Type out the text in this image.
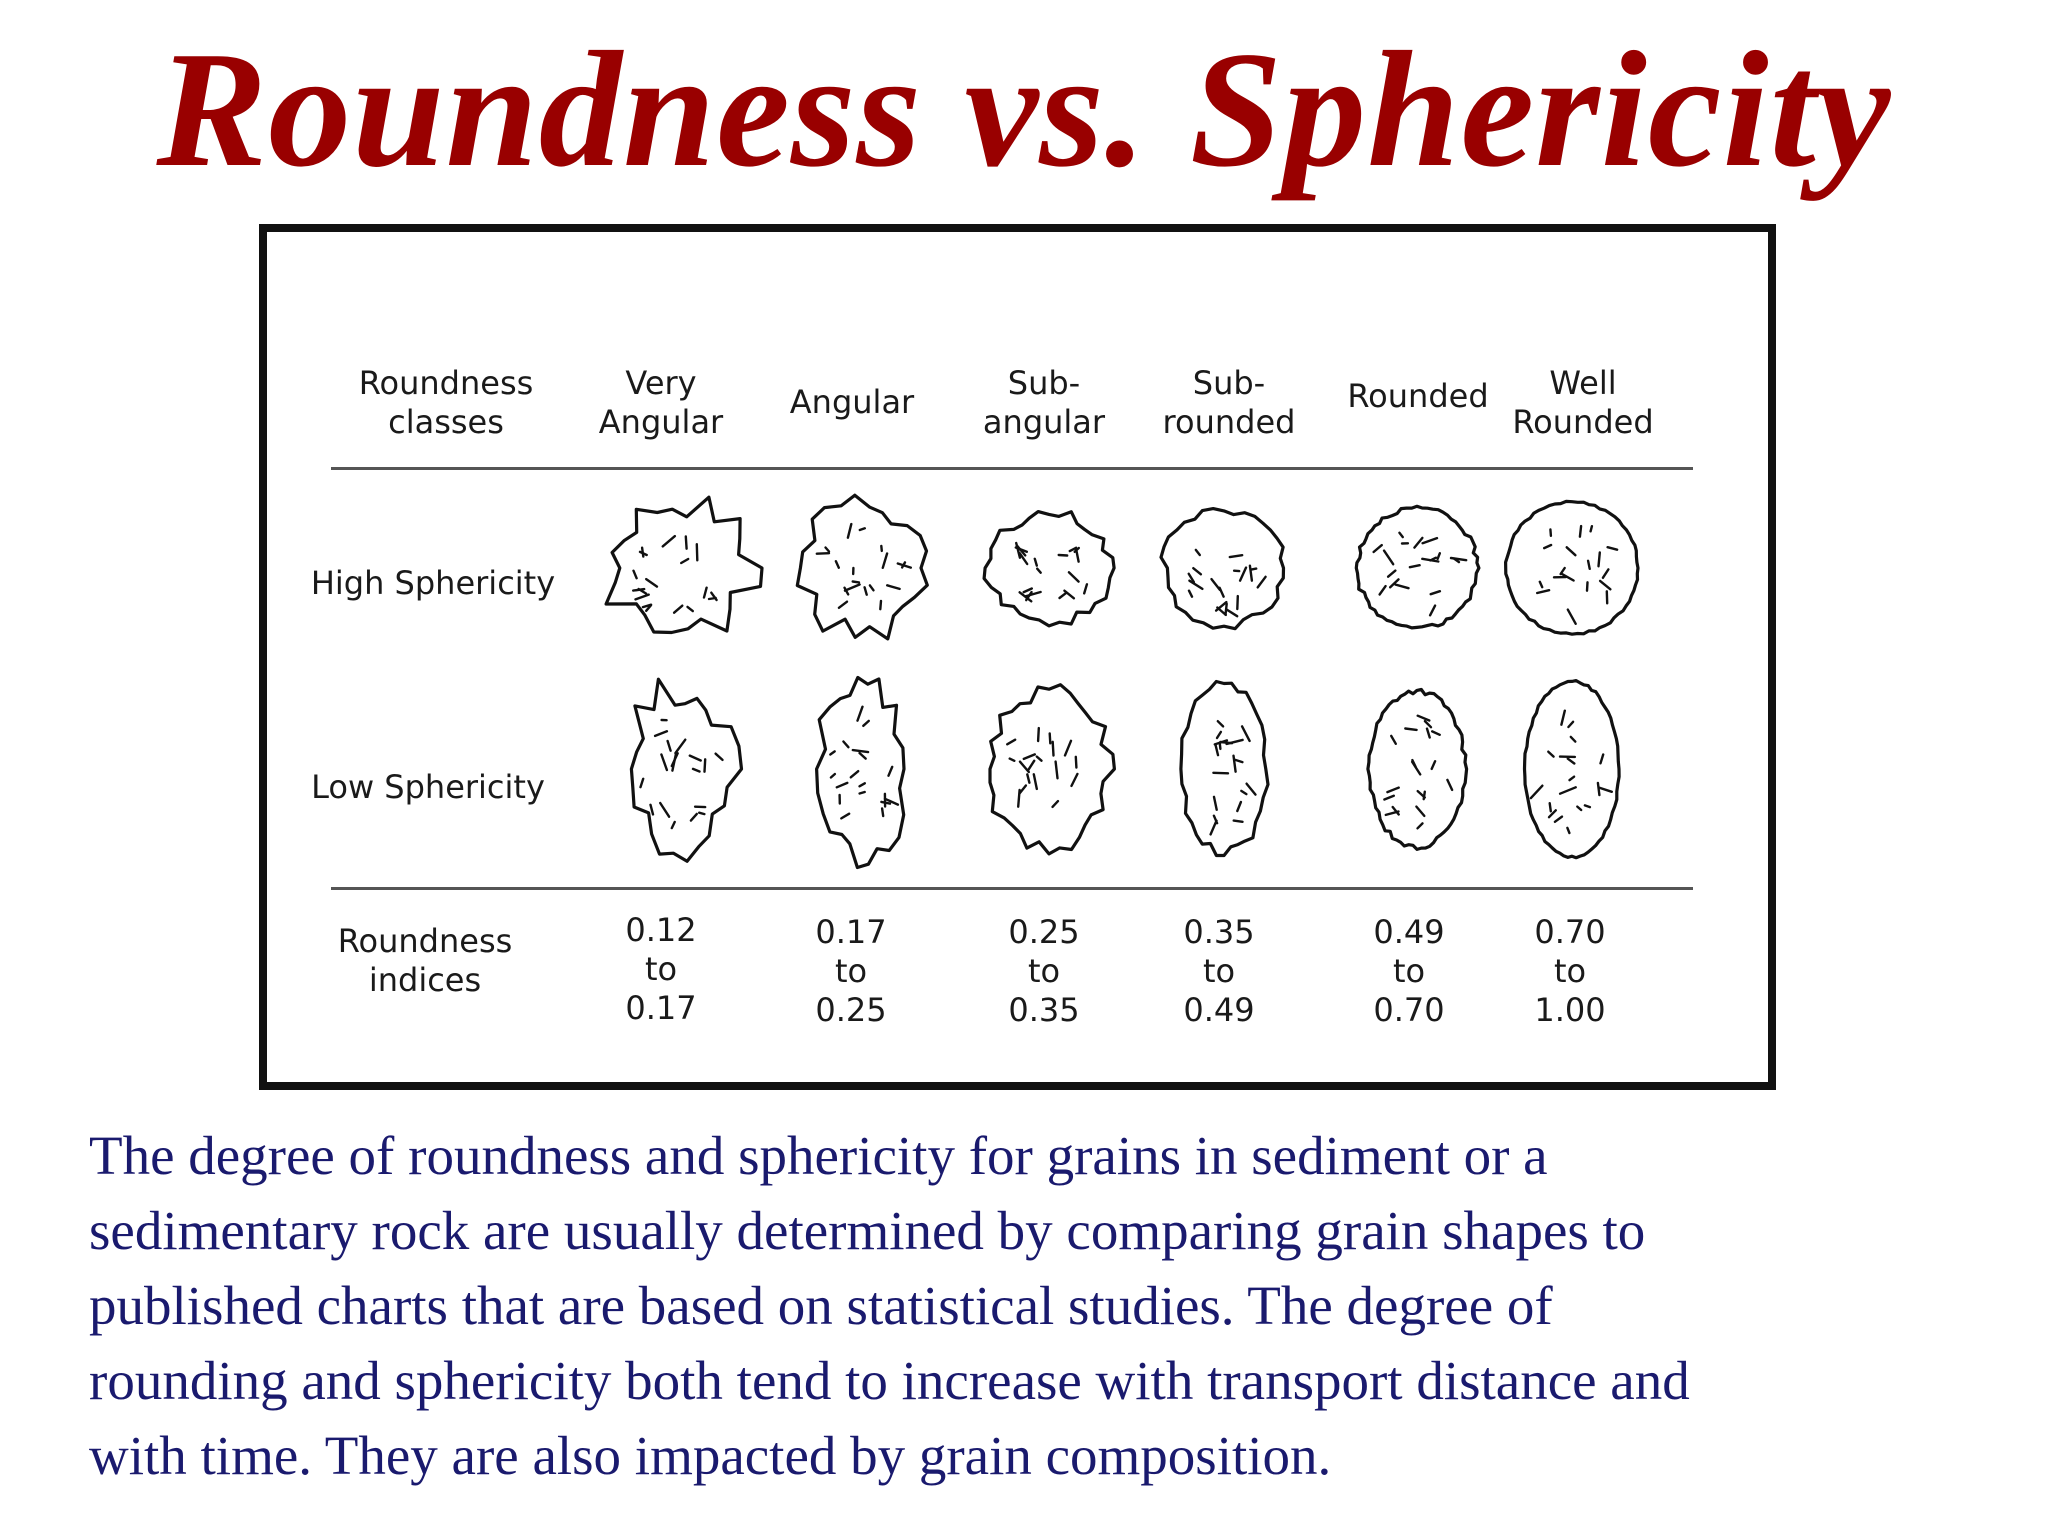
Roundness vs. Sphericity
Roundness
classes
Very
Angular
Angular	Sub-
angular
Sub-
rounded
Rounded	Well
Rounded
High Sphericity
Low Sphericity
Roundness
indices
0.12
to
0.17
0.17
to
0.25
0.25
to
0.35
0.35
to
0.49
0.49
to
0.70
0.70
to
1.00

The degree of roundness and sphericity for grains in sediment or a
sedimentary rock are usually determined by comparing grain shapes to
published charts that are based on statistical studies. The degree of
rounding and sphericity both tend to increase with transport distance and
with time. They are also impacted by grain composition.
